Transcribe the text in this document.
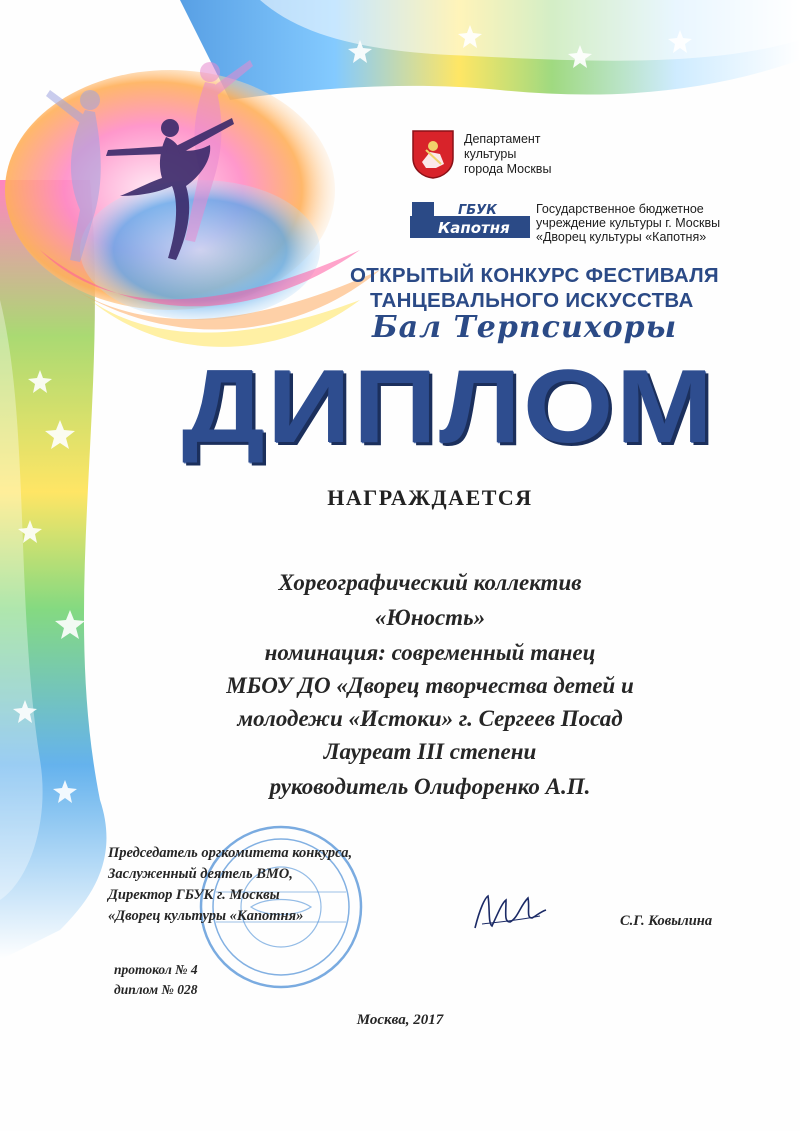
Департамент
культуры
города Москвы
ГБУК
Капотня
Государственное бюджетное
учреждение культуры г. Москвы
«Дворец культуры «Капотня»
ОТКРЫТЫЙ КОНКУРС ФЕСТИВАЛЯ
ТАНЦЕВАЛЬНОГО ИСКУССТВА
Бал Терпсихоры
ДИПЛОМ
НАГРАЖДАЕТСЯ
Хореографический коллектив
«Юность»
номинация: современный танец
МБОУ ДО «Дворец творчества детей и
молодежи «Истоки» г. Сергеев Посад
Лауреат III степени
руководитель Олифоренко А.П.
Председатель оргкомитета конкурса,
Заслуженный деятель ВМО,
Директор ГБУК г. Москвы
«Дворец культуры «Капотня»	С.Г. Ковылина
протокол № 4
диплом № 028
Москва, 2017
